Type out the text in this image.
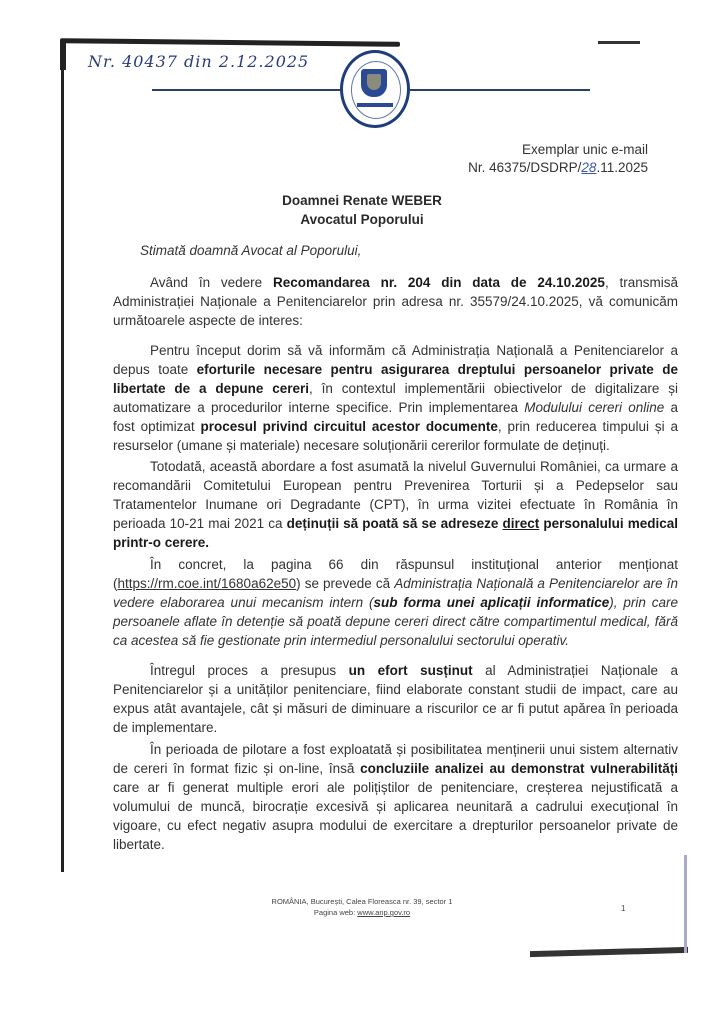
Nr. 40437 din 2.12.2025
Exemplar unic e-mail
Nr. 46375/DSDRP/28.11.2025
Doamnei Renate WEBER
Avocatul Poporului
Stimată doamnă Avocat al Poporului,
Având în vedere Recomandarea nr. 204 din data de 24.10.2025, transmisă Administrației Naționale a Penitenciarelor prin adresa nr. 35579/24.10.2025, vă comunicăm următoarele aspecte de interes:
Pentru început dorim să vă informăm că Administrația Națională a Penitenciarelor a depus toate eforturile necesare pentru asigurarea dreptului persoanelor private de libertate de a depune cereri, în contextul implementării obiectivelor de digitalizare și automatizare a procedurilor interne specifice. Prin implementarea Modulului cereri online a fost optimizat procesul privind circuitul acestor documente, prin reducerea timpului și a resurselor (umane și materiale) necesare soluționării cererilor formulate de deținuți.
Totodată, această abordare a fost asumată la nivelul Guvernului României, ca urmare a recomandării Comitetului European pentru Prevenirea Torturii și a Pedepselor sau Tratamentelor Inumane ori Degradante (CPT), în urma vizitei efectuate în România în perioada 10-21 mai 2021 ca deținuții să poată să se adreseze direct personalului medical printr-o cerere.
În concret, la pagina 66 din răspunsul instituțional anterior menționat (https://rm.coe.int/1680a62e50) se prevede că Administrația Națională a Penitenciarelor are în vedere elaborarea unui mecanism intern (sub forma unei aplicații informatice), prin care persoanele aflate în detenție să poată depune cereri direct către compartimentul medical, fără ca acestea să fie gestionate prin intermediul personalului sectorului operativ.
Întregul proces a presupus un efort susținut al Administrației Naționale a Penitenciarelor și a unităților penitenciare, fiind elaborate constant studii de impact, care au expus atât avantajele, cât și măsuri de diminuare a riscurilor ce ar fi putut apărea în perioada de implementare.
În perioada de pilotare a fost exploatată și posibilitatea menținerii unui sistem alternativ de cereri în format fizic și on-line, însă concluziile analizei au demonstrat vulnerabilități care ar fi generat multiple erori ale polițiștilor de penitenciare, creșterea nejustificată a volumului de muncă, birocrație excesivă și aplicarea neunitară a cadrului execuțional în vigoare, cu efect negativ asupra modului de exercitare a drepturilor persoanelor private de libertate.
ROMÂNIA, București, Calea Floreasca nr. 39, sector 1
Pagina web: www.anp.gov.ro	1
